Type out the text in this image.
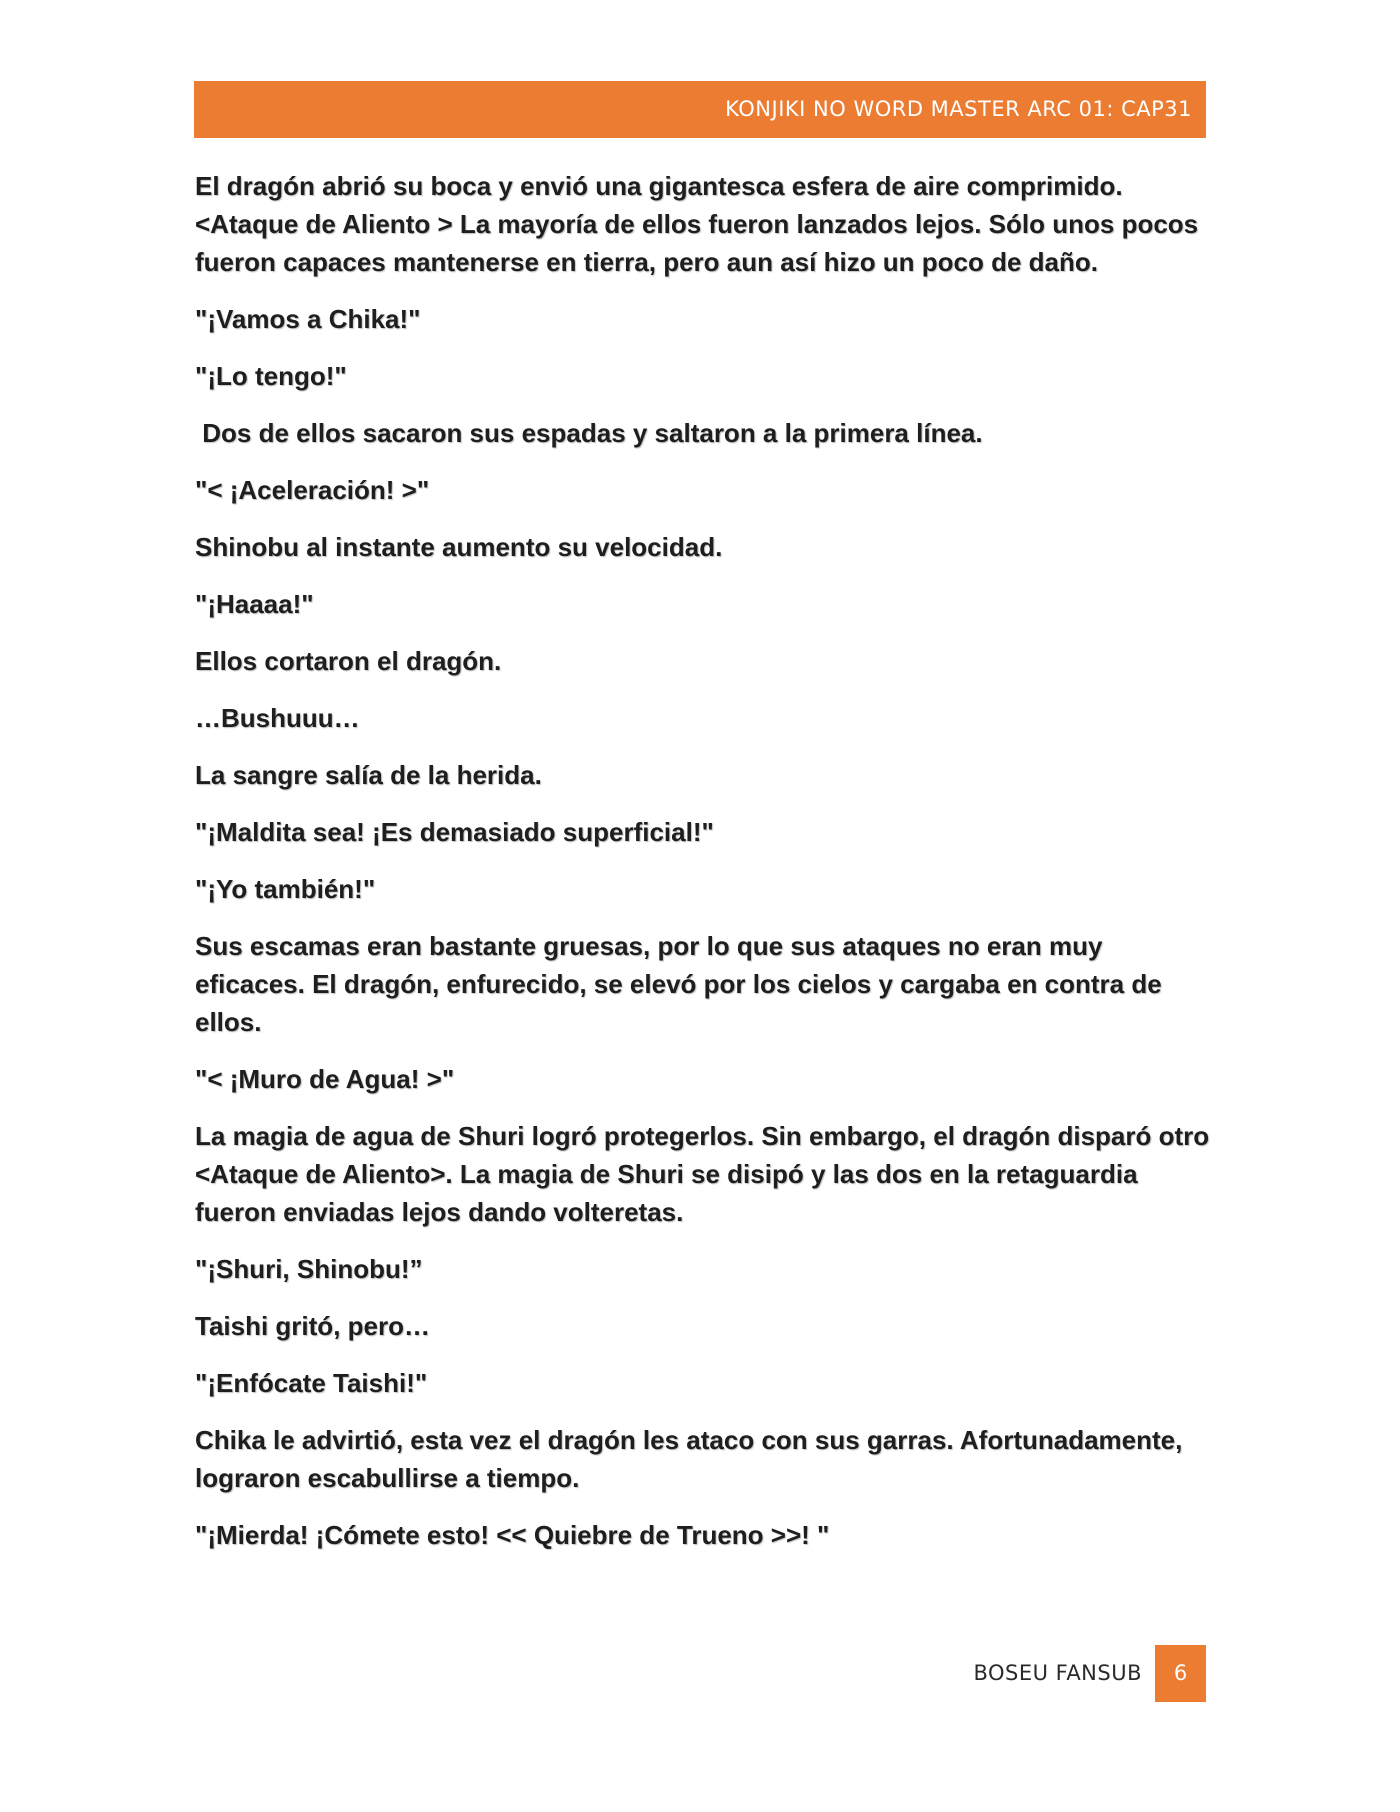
KONJIKI NO WORD MASTER ARC 01: CAP31

El dragón abrió su boca y envió una gigantesca esfera de aire comprimido. <Ataque de Aliento > La mayoría de ellos fueron lanzados lejos. Sólo unos pocos fueron capaces mantenerse en tierra, pero aun así hizo un poco de daño.

"¡Vamos a Chika!"

"¡Lo tengo!"

Dos de ellos sacaron sus espadas y saltaron a la primera línea.

"< ¡Aceleración! >"

Shinobu al instante aumento su velocidad.

"¡Haaaa!"

Ellos cortaron el dragón.

…Bushuuu…

La sangre salía de la herida.

"¡Maldita sea! ¡Es demasiado superficial!"

"¡Yo también!"

Sus escamas eran bastante gruesas, por lo que sus ataques no eran muy eficaces. El dragón, enfurecido, se elevó por los cielos y cargaba en contra de ellos.

"< ¡Muro de Agua! >"

La magia de agua de Shuri logró protegerlos. Sin embargo, el dragón disparó otro <Ataque de Aliento>. La magia de Shuri se disipó y las dos en la retaguardia fueron enviadas lejos dando volteretas.

"¡Shuri, Shinobu!”

Taishi gritó, pero…

"¡Enfócate Taishi!"

Chika le advirtió, esta vez el dragón les ataco con sus garras. Afortunadamente, lograron escabullirse a tiempo.

"¡Mierda! ¡Cómete esto! << Quiebre de Trueno >>! "

BOSEU FANSUB	6
